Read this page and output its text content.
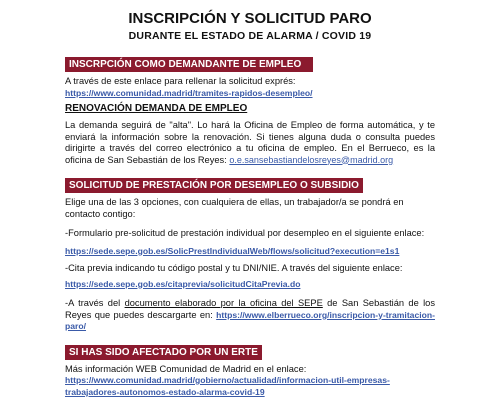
INSCRIPCIÓN Y SOLICITUD PARO
DURANTE EL ESTADO DE ALARMA / COVID 19
INSCRPCIÓN COMO DEMANDANTE DE EMPLEO

A través de este enlace para rellenar la solicitud exprés:

https://www.comunidad.madrid/tramites-rapidos-desempleo/

RENOVACIÓN DEMANDA DE EMPLEO

La demanda seguirá de "alta". Lo hará la Oficina de Empleo de forma automática, y te enviará la información sobre la renovación. Si tienes alguna duda o consulta puedes dirigirte a través del correo electrónico a tu oficina de empleo. En el Berrueco, es la oficina de San Sebastián de los Reyes: o.e.sansebastiandelosreyes@madrid.org

SOLICITUD DE PRESTACIÓN POR DESEMPLEO O SUBSIDIO

Elige una de las 3 opciones, con cualquiera de ellas, un trabajador/a se pondrá en contacto contigo:

-Formulario pre-solicitud de prestación individual por desempleo en el siguiente enlace:

https://sede.sepe.gob.es/SolicPrestIndividualWeb/flows/solicitud?execution=e1s1

-Cita previa indicando tu código postal y tu DNI/NIE. A través del siguiente enlace:

https://sede.sepe.gob.es/citaprevia/solicitudCitaPrevia.do

-A través del documento elaborado por la oficina del SEPE de San Sebastián de los Reyes que puedes descargarte en: https://www.elberrueco.org/inscripcion-y-tramitacion-paro/

SI HAS SIDO AFECTADO POR UN ERTE

Más información WEB Comunidad de Madrid en el enlace:

https://www.comunidad.madrid/gobierno/actualidad/informacion-util-empresas-trabajadores-autonomos-estado-alarma-covid-19
